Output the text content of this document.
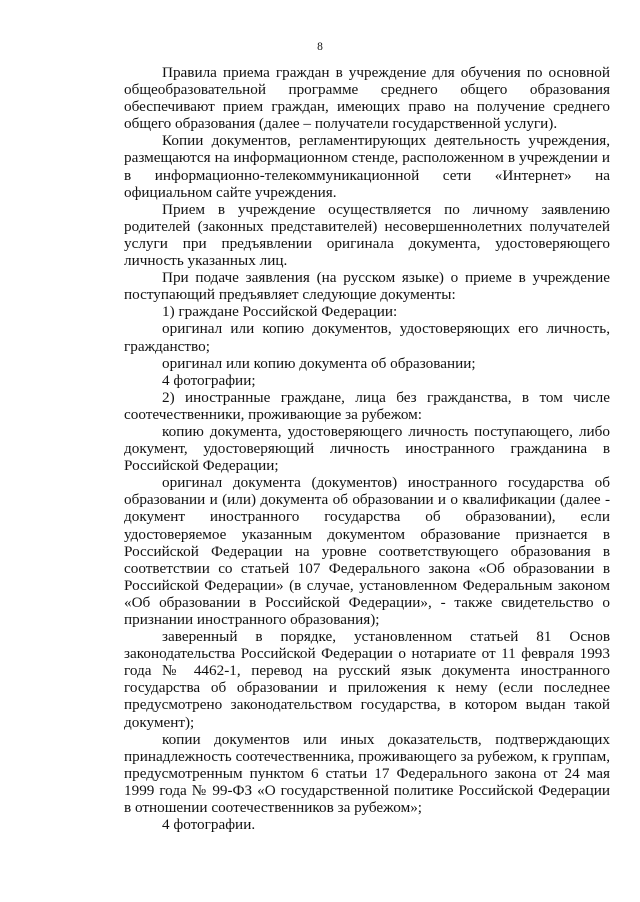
8

Правила приема граждан в учреждение для обучения по основной общеобразовательной программе среднего общего образования обеспечивают прием граждан, имеющих право на получение среднего общего образования (далее – получатели государственной услуги).

Копии документов, регламентирующих деятельность учреждения, размещаются на информационном стенде, расположенном в учреждении и в информационно-телекоммуникационной сети «Интернет» на официальном сайте учреждения.

Прием в учреждение осуществляется по личному заявлению родителей (законных представителей) несовершеннолетних получателей услуги при предъявлении оригинала документа, удостоверяющего личность указанных лиц.

При подаче заявления (на русском языке) о приеме в учреждение поступающий предъявляет следующие документы:

1) граждане Российской Федерации:

оригинал или копию документов, удостоверяющих его личность, гражданство;

оригинал или копию документа об образовании;

4 фотографии;

2) иностранные граждане, лица без гражданства, в том числе соотечественники, проживающие за рубежом:

копию документа, удостоверяющего личность поступающего, либо документ, удостоверяющий личность иностранного гражданина в Российской Федерации;

оригинал документа (документов) иностранного государства об образовании и (или) документа об образовании и о квалификации (далее - документ иностранного государства об образовании), если удостоверяемое указанным документом образование признается в Российской Федерации на уровне соответствующего образования в соответствии со статьей 107 Федерального закона «Об образовании в Российской Федерации» (в случае, установленном Федеральным законом «Об образовании в Российской Федерации», - также свидетельство о признании иностранного образования);

заверенный в порядке, установленном статьей 81 Основ законодательства Российской Федерации о нотариате от 11 февраля 1993 года № 4462-1, перевод на русский язык документа иностранного государства об образовании и приложения к нему (если последнее предусмотрено законодательством государства, в котором выдан такой документ);

копии документов или иных доказательств, подтверждающих принадлежность соотечественника, проживающего за рубежом, к группам, предусмотренным пунктом 6 статьи 17 Федерального закона от 24 мая 1999 года № 99-ФЗ «О государственной политике Российской Федерации в отношении соотечественников за рубежом»;

4 фотографии.
